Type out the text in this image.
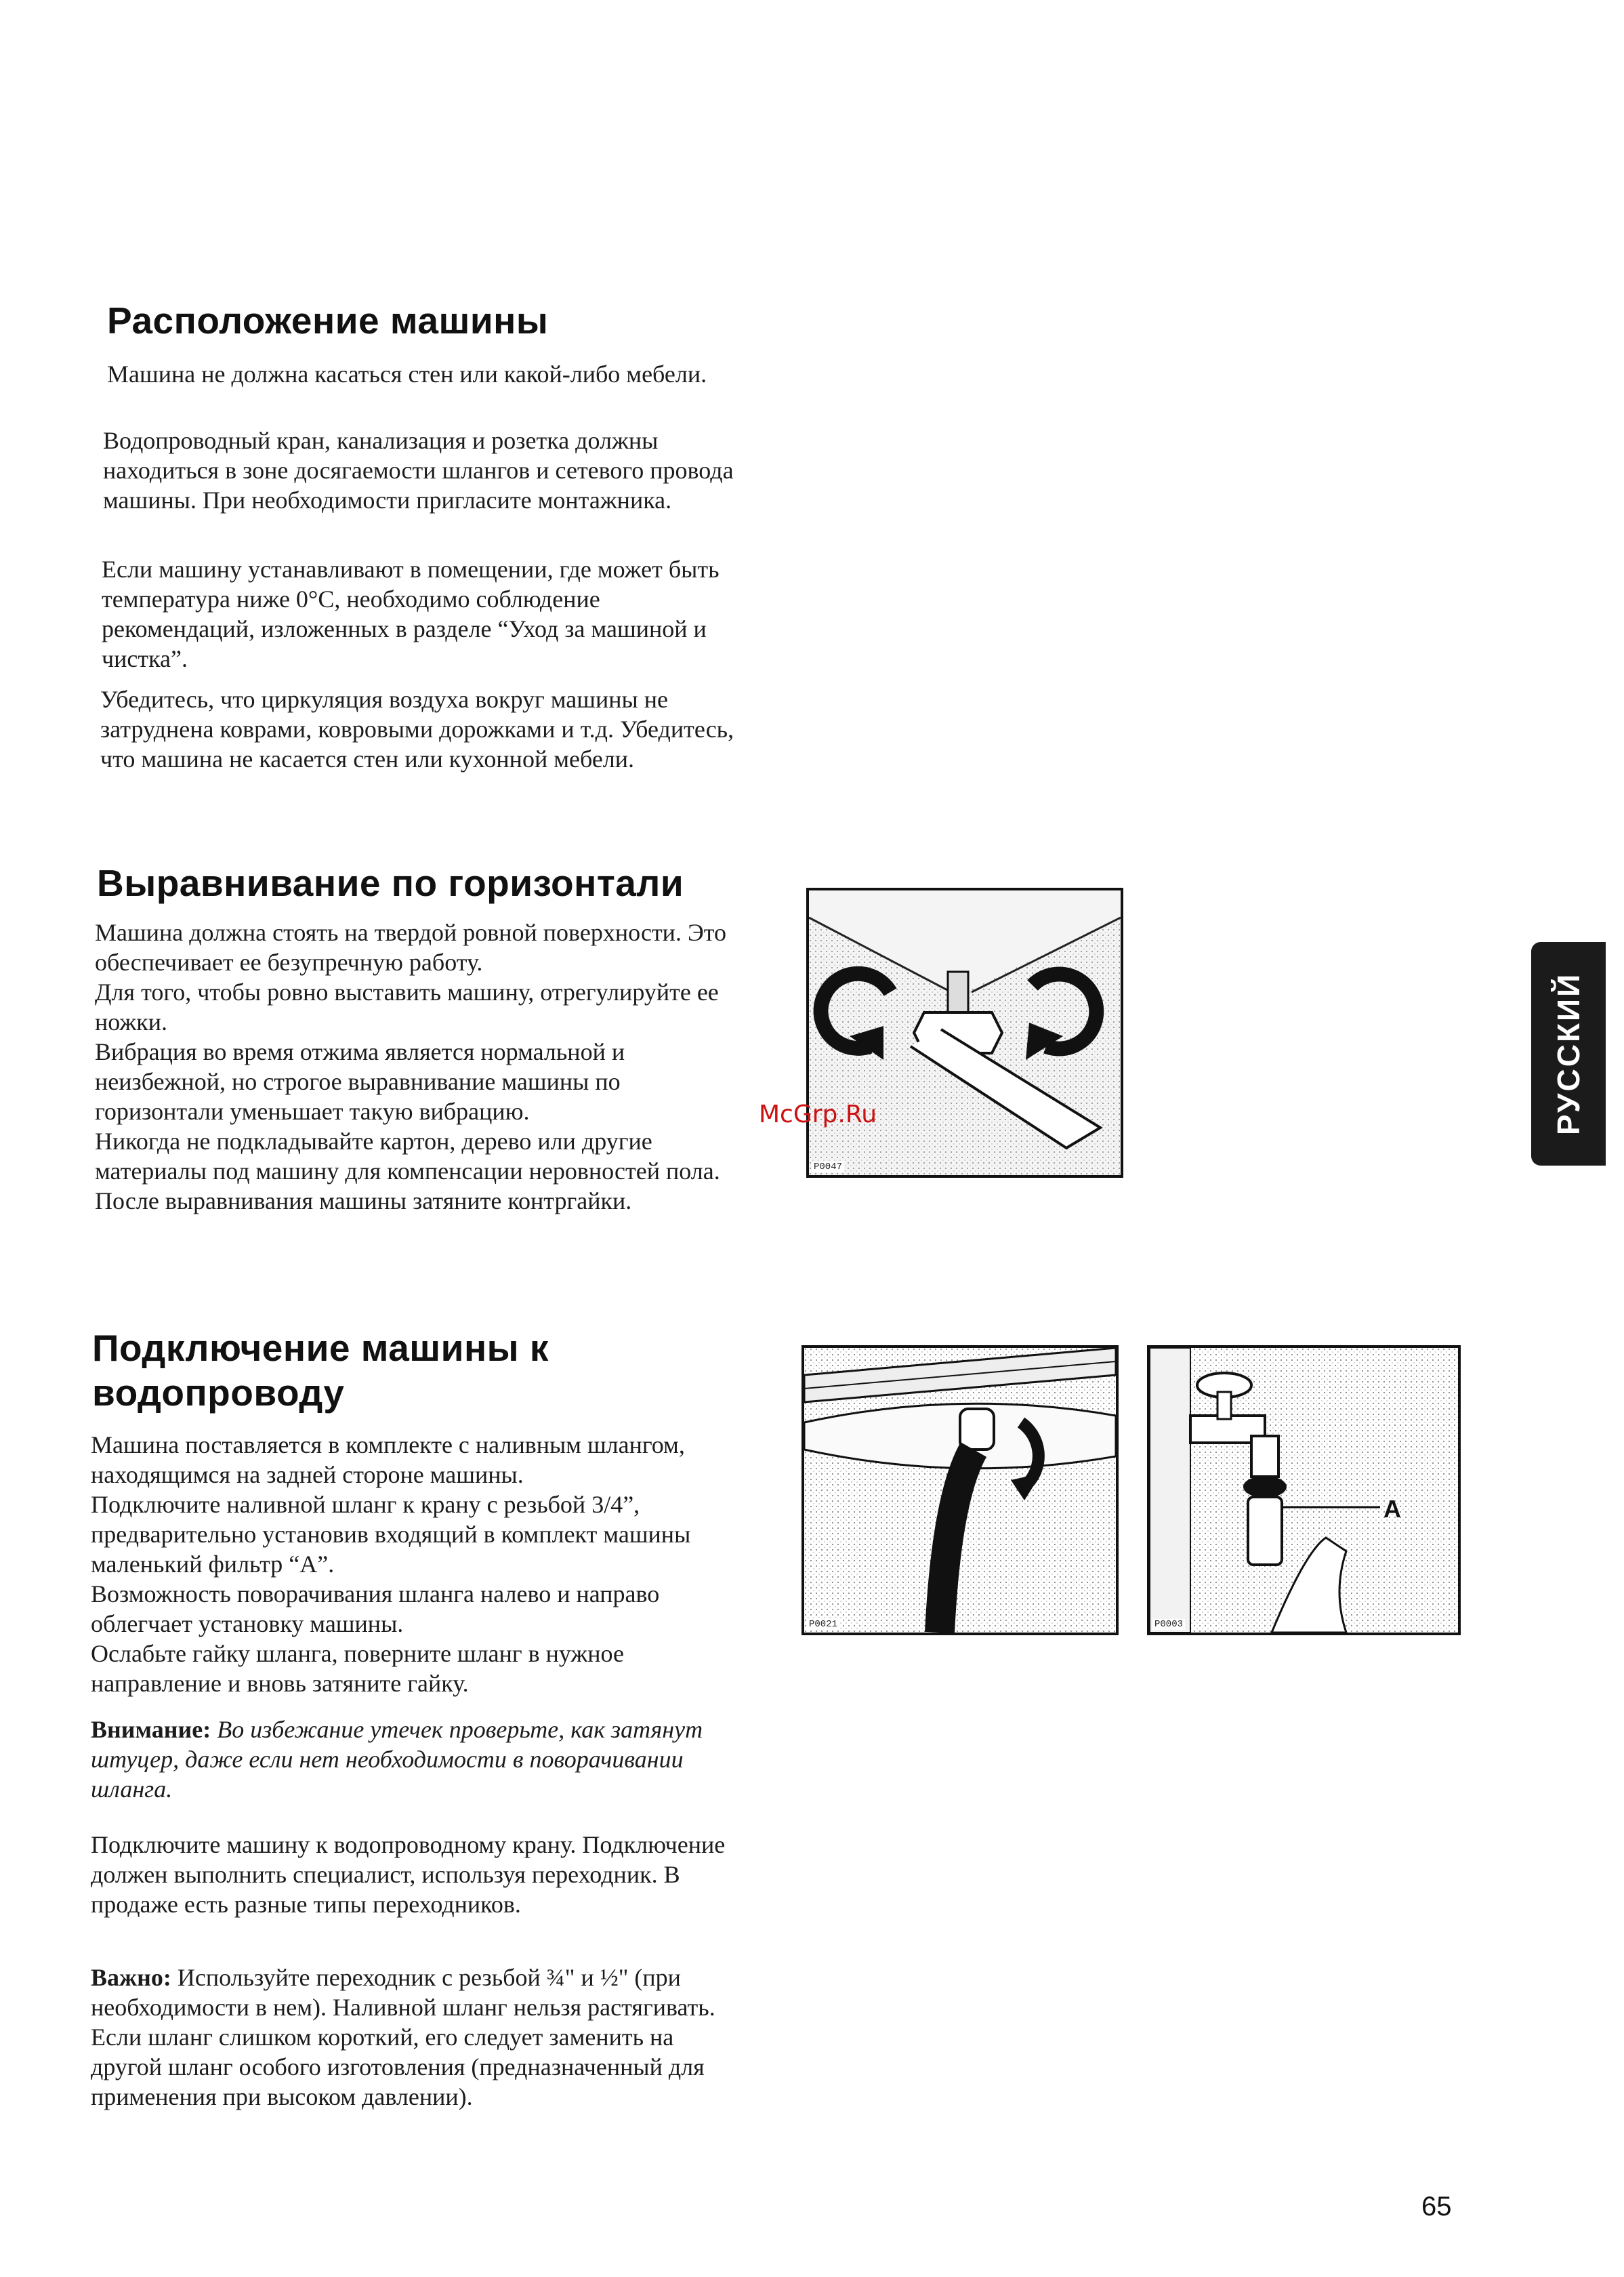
Расположение машины

Машина не должна касаться стен или какой-либо мебели.

Водопроводный кран, канализация и розетка должны находиться в зоне досягаемости шлангов и сетевого провода машины. При необходимости пригласите монтажника.

Если машину устанавливают в помещении, где может быть температура ниже 0°C, необходимо соблюдение рекомендаций, изложенных в разделе “Уход за машиной и чистка”.

Убедитесь, что циркуляция воздуха вокруг машины не затруднена коврами, ковровыми дорожками и т.д. Убедитесь, что машина не касается стен или кухонной мебели.

Выравнивание по горизонтали
Машина должна стоять на твердой ровной поверхности. Это обеспечивает ее безупречную работу.
Для того, чтобы ровно выставить машину, отрегулируйте ее ножки.
Вибрация во время отжима является нормальной и неизбежной, но строгое выравнивание машины по горизонтали уменьшает такую вибрацию.
Никогда не подкладывайте картон, дерево или другие материалы под машину для компенсации неровностей пола.
После выравнивания машины затяните контргайки.
P0047
McGrp.Ru	РУССКИЙ
Подключение машины к водопроводу
Машина поставляется в комплекте с наливным шлангом, находящимся на задней стороне машины.
Подключите наливной шланг к крану с резьбой 3/4”, предварительно установив входящий в комплект машины маленький фильтр “A”.
Возможность поворачивания шланга налево и направо облегчает установку машины.
Ослабьте гайку шланга, поверните шланг в нужное направление и вновь затяните гайку.

Внимание: Во избежание утечек проверьте, как затянут штуцер, даже если нет необходимости в поворачивании шланга.

Подключите машину к водопроводному крану. Подключение должен выполнить специалист, используя переходник. В продаже есть разные типы переходников.

Важно: Используйте переходник с резьбой ¾" и ½" (при необходимости в нем). Наливной шланг нельзя растягивать. Если шланг слишком короткий, его следует заменить на другой шланг особого изготовления (предназначенный для применения при высоком давлении).

P0021
A
P0003
65
